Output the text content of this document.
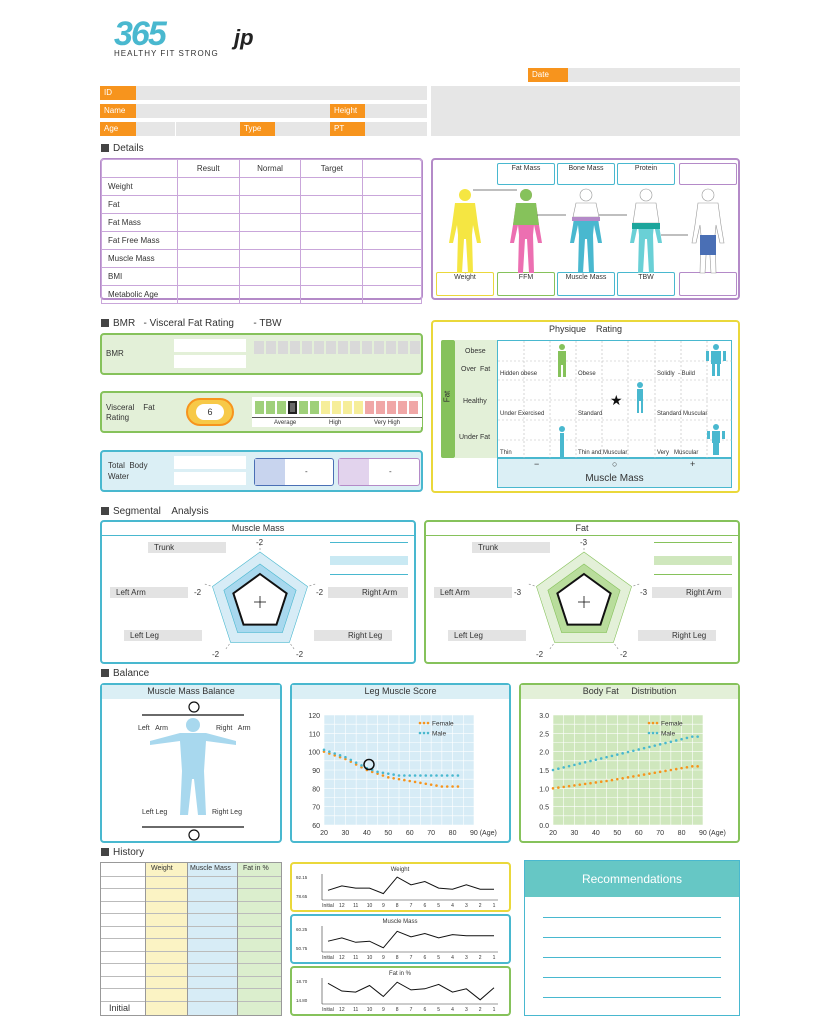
365	jp
HEALTHY FIT STRONG
Date
ID
Name	Height
Age	Type	PT
Details
	Result	Normal	Target	
Weight				
Fat				
Fat Mass				
Fat Free Mass				
Muscle Mass				
BMI				
Metabolic Age				
Fat Mass	Bone Mass	Protein
Weight	FFM	Muscle Mass	TBW
BMR   - Visceral Fat Rating       - TBW
BMR
Visceral    Fat
Rating
6
Average	High	Very High
Total  Body
Water
-	-
Physique    Rating
Fat
Obese
Over  Fat
Healthy
Under Fat
★
Hidden obese	Obese	Solidly  - Build
Under Exercised	Standard	Standard Muscular
Thin	Thin and Muscular	Very   Muscular
−	○	+
Muscle Mass
Segmental    Analysis
Muscle Mass
Trunk
Left Arm	Right Arm
Left Leg	Right Leg
-2
-2	-2
-2	-2
Fat
Trunk
Left Arm	Right Arm
Left Leg	Right Leg
-3
-3	-3
-2	-2
Balance
Muscle Mass Balance
Left   Arm	Right   Arm
Left Leg	Right Leg
Leg Muscle Score
120
110
100
90
80
70
60
20 30 40 50 60 70 80 90 (Age)
Female
Male
Body Fat     Distribution
3.0
2.5
2.0
1.5
1.0
0.5
0.0
20 30 40 50 60 70 80 90 (Age)
Female
Male
History
Weight Muscle Mass Fat in %
Initial
Weight
92.15
78.65
Initial 12 11 10 9 8 7 6 5 4 3 2 1
Muscle Mass
60.25
50.75
Initial 12 11 10 9 8 7 6 5 4 3 2 1
Fat in %
18.70
14.80
Initial 12 11 10 9 8 7 6 5 4 3 2 1
Recommendations
